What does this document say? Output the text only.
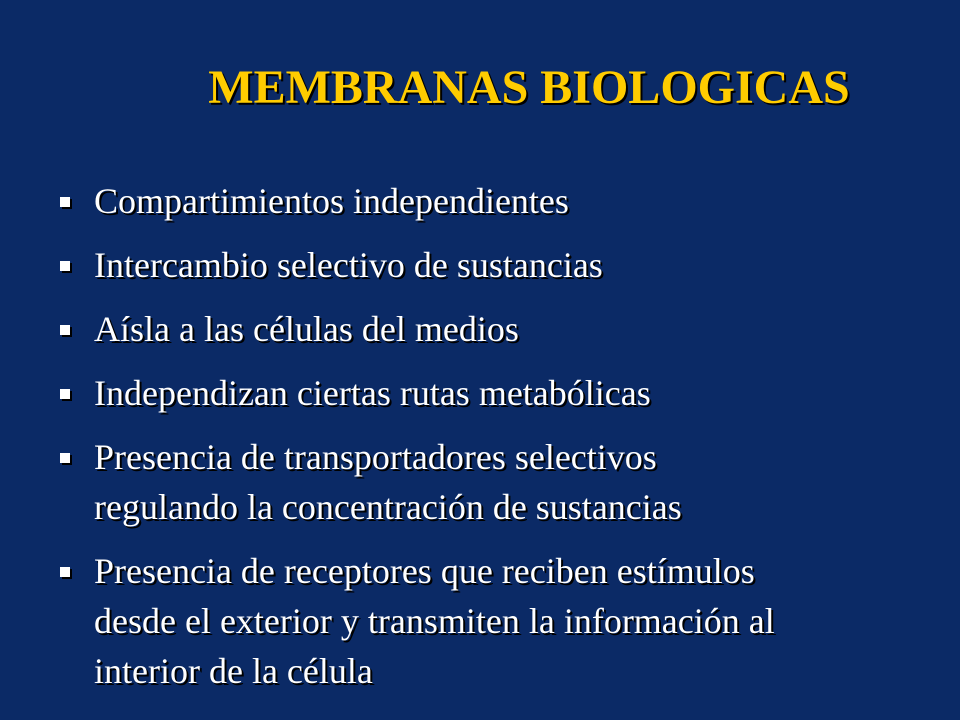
MEMBRANAS BIOLOGICAS
Compartimientos independientes
Intercambio selectivo de sustancias
Aísla a las células del medios
Independizan ciertas rutas metabólicas
Presencia de transportadores selectivos
regulando la concentración de sustancias
Presencia de receptores que reciben estímulos
desde el exterior y transmiten la información al
interior de la célula
